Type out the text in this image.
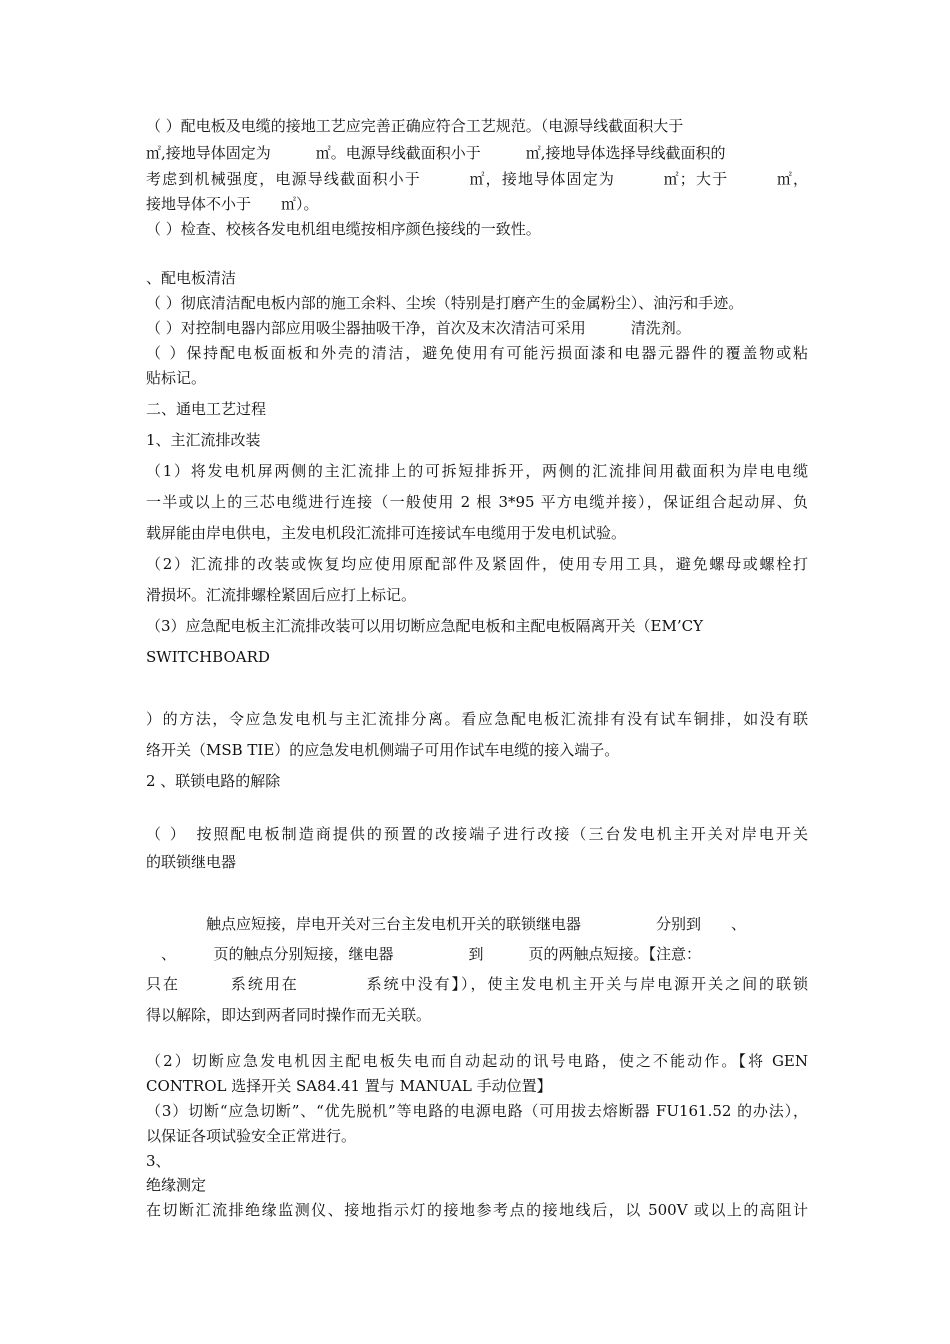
（ ）配电板及电缆的接地工艺应完善正确应符合工艺规范。（电源导线截面积大于
㎡,接地导体固定为　　　㎡。电源导线截面积小于　　　㎡,接地导体选择导线截面积的
考虑到机械强度，电源导线截面积小于　　　㎡，接地导体固定为　　　㎡；大于　　　㎡，
接地导体不小于　　㎡）。
（ ）检查、校核各发电机组电缆按相序颜色接线的一致性。
、配电板清洁
（ ）彻底清洁配电板内部的施工余料、尘埃（特别是打磨产生的金属粉尘）、油污和手迹。
（ ）对控制电器内部应用吸尘器抽吸干净，首次及末次清洁可采用　　　清洗剂。
（ ）保持配电板面板和外壳的清洁，避免使用有可能污损面漆和电器元器件的覆盖物或粘
贴标记。
二、通电工艺过程
1、主汇流排改装
（1）将发电机屏两侧的主汇流排上的可拆短排拆开，两侧的汇流排间用截面积为岸电电缆
一半或以上的三芯电缆进行连接（一般使用 2 根 3*95 平方电缆并接），保证组合起动屏、负
载屏能由岸电供电，主发电机段汇流排可连接试车电缆用于发电机试验。
（2）汇流排的改装或恢复均应使用原配部件及紧固件，使用专用工具，避免螺母或螺栓打
滑损坏。汇流排螺栓紧固后应打上标记。
（3）应急配电板主汇流排改装可以用切断应急配电板和主配电板隔离开关（EM’CY
SWITCHBOARD
）的方法，令应急发电机与主汇流排分离。看应急配电板汇流排有没有试车铜排，如没有联
络开关（MSB TIE）的应急发电机侧端子可用作试车电缆的接入端子。
2 、联锁电路的解除
（ ）　按照配电板制造商提供的预置的改接端子进行改接（三台发电机主开关对岸电开关
的联锁继电器
　　　　触点应短接，岸电开关对三台主发电机开关的联锁继电器　　　　　分别到　　、
　、　　　页的触点分别短接，继电器　　　　　到　　　页的两触点短接。【注意：
只在　　　系统用在　　　　系统中没有】），使主发电机主开关与岸电源开关之间的联锁
得以解除，即达到两者同时操作而无关联。
（2）切断应急发电机因主配电板失电而自动起动的讯号电路，使之不能动作。【将 GEN
CONTROL 选择开关 SA84.41 置与 MANUAL 手动位置】
（3）切断“应急切断”、“优先脱机”等电路的电源电路（可用拔去熔断器 FU161.52 的办法），
以保证各项试验安全正常进行。
3、
绝缘测定
在切断汇流排绝缘监测仪、接地指示灯的接地参考点的接地线后，以 500V 或以上的高阻计
